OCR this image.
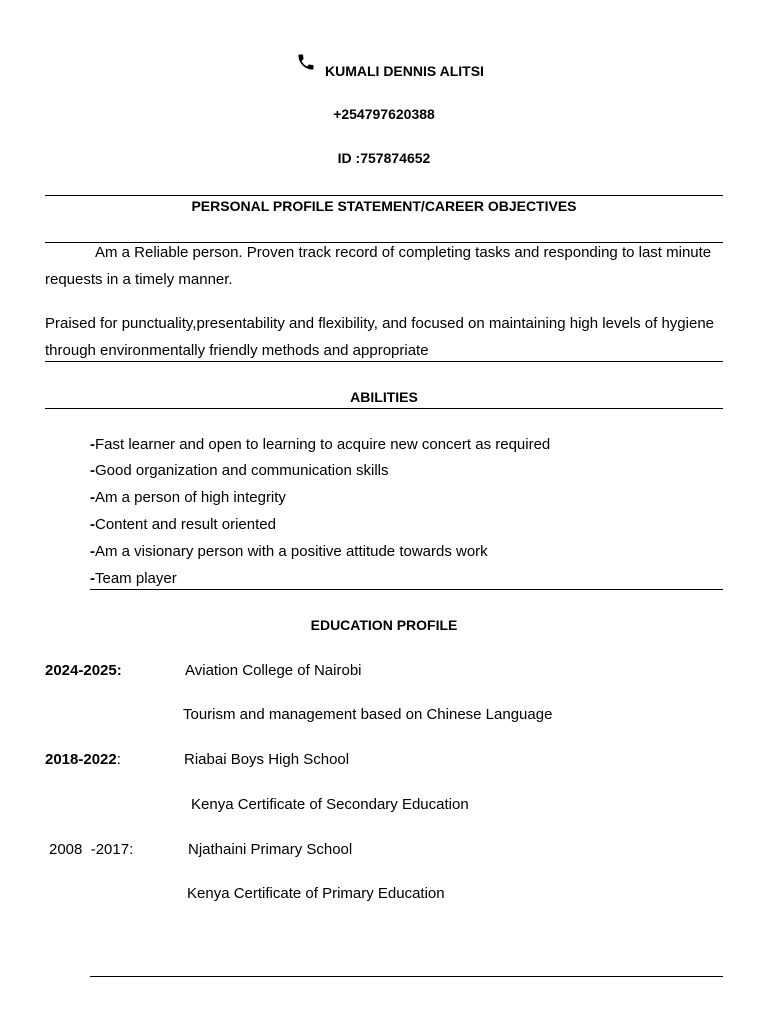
KUMALI DENNIS ALITSI
+254797620388
ID :757874652
PERSONAL PROFILE STATEMENT/CAREER OBJECTIVES
Am a Reliable person. Proven track record of completing tasks and responding to last minute requests in a timely manner.
Praised for punctuality,presentability and flexibility, and focused on maintaining high levels of hygiene through environmentally friendly methods and appropriate
ABILITIES
-Fast learner and open to learning to acquire new concert as required
-Good organization and communication skills
-Am a person of high integrity
-Content and result oriented
-Am a visionary person with a positive attitude towards work
-Team player
EDUCATION PROFILE
2024-2025:	Aviation College of Nairobi
Tourism and management based on Chinese Language
2018-2022:	Riabai Boys High School
Kenya Certificate of Secondary Education
2008  -2017:	Njathaini Primary School
Kenya Certificate of Primary Education
